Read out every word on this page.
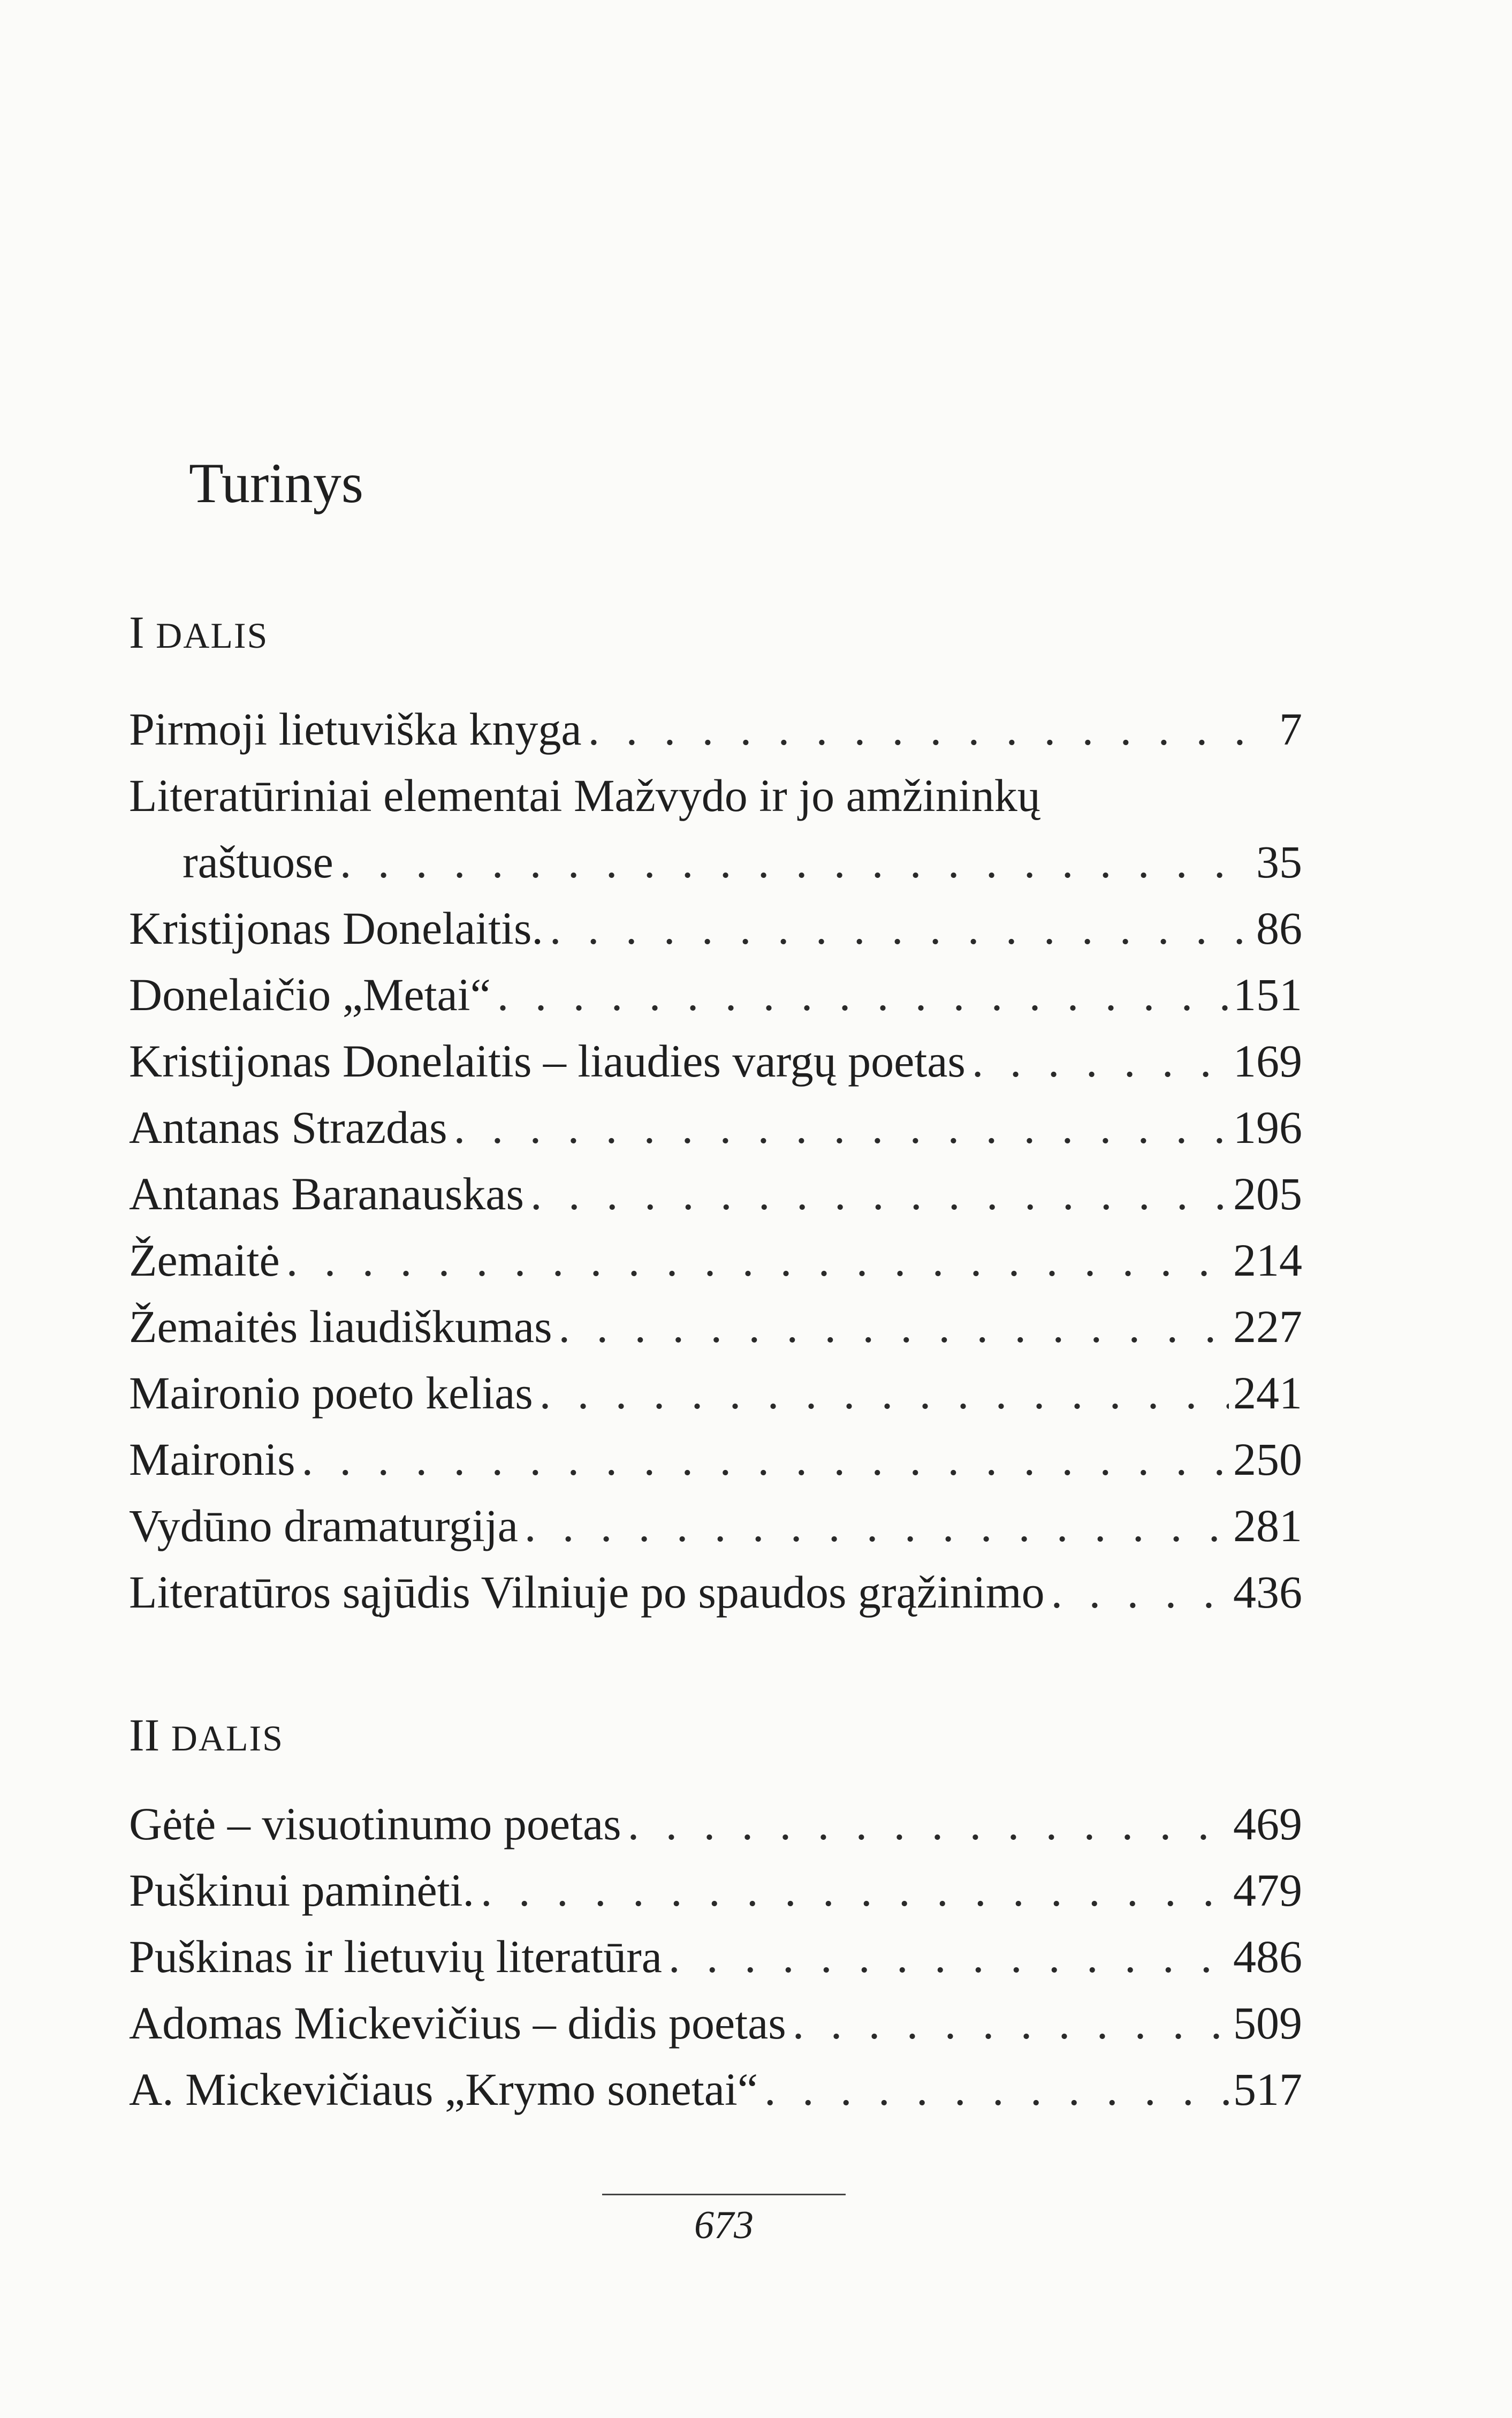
Turinys
I DALIS
Pirmoji lietuviška knyga . . .	7
Literatūriniai elementai Mažvydo ir jo amžininkų
raštuose . . .	35
Kristijonas Donelaitis. . . .	86
Donelaičio „Metai“ . . .	151
Kristijonas Donelaitis – liaudies vargų poetas . . .	169
Antanas Strazdas . . .	196
Antanas Baranauskas . . .	205
Žemaitė . . .	214
Žemaitės liaudiškumas . . .	227
Maironio poeto kelias . . .	241
Maironis . . .	250
Vydūno dramaturgija . . .	281
Literatūros sąjūdis Vilniuje po spaudos grąžinimo . . .	436
II DALIS
Gėtė – visuotinumo poetas . . .	469
Puškinui paminėti. . . .	479
Puškinas ir lietuvių literatūra . . .	486
Adomas Mickevičius – didis poetas . . .	509
A. Mickevičiaus „Krymo sonetai“ . . .	517
673
